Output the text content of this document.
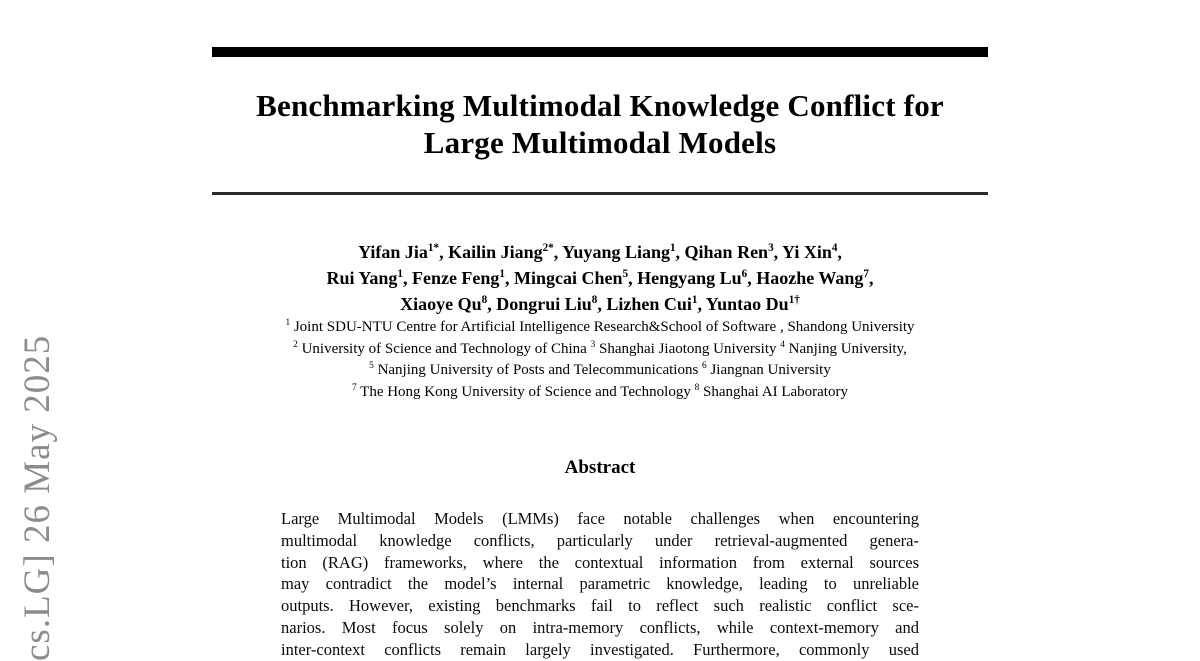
cs.LG] 26 May 2025
Benchmarking Multimodal Knowledge Conflict for
Large Multimodal Models
Yifan Jia$^{1*}$, Kailin Jiang$^{2*}$, Yuyang Liang$^1$, Qihan Ren$^3$, Yi Xin$^4$,
Rui Yang$^1$, Fenze Feng$^1$, Mingcai Chen$^5$, Hengyang Lu$^6$, Haozhe Wang$^7$,
Xiaoye Qu$^8$, Dongrui Liu$^8$, Lizhen Cui$^1$, Yuntao $Du^{1\dagger}$
$^1$ Joint SDU-NTU Centre for Artificial Intelligence Research&School of Software , Shandong University
$^2$ University of Science and Technology of China $^3$ Shanghai Jiaotong University $^4$ Nanjing University,
$^5$ Nanjing University of Posts and Telecommunications $^6$ Jiangnan University
$^7$ The Hong Kong University of Science and Technology $^8$ Shanghai AI Laboratory
Abstract
Large Multimodal Models (LMMs) face notable challenges when encountering
multimodal knowledge conflicts, particularly under retrieval-augmented genera-
tion (RAG) frameworks, where the contextual information from external sources
may contradict the model’s internal parametric knowledge, leading to unreliable
outputs. However, existing benchmarks fail to reflect such realistic conflict sce-
narios. Most focus solely on intra-memory conflicts, while context-memory and
inter-context conflicts remain largely investigated. Furthermore, commonly used
